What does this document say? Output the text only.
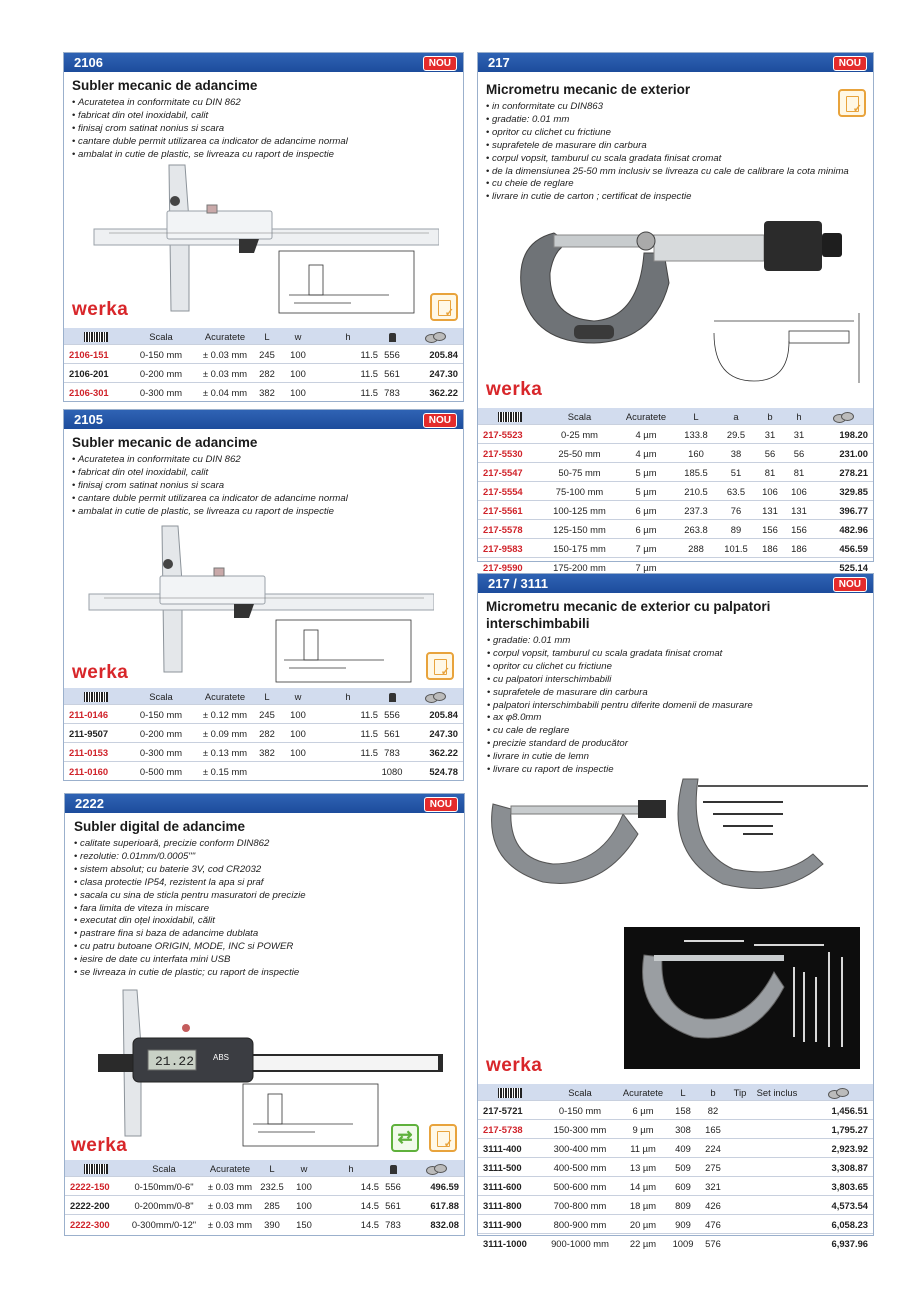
2106	NOU
Subler mecanic de adancime
• Acuratetea in conformitate cu DIN 862
• fabricat din otel inoxidabil, calit
• finisaj crom satinat nonius si scara
• cantare duble permit utilizarea ca indicator de adancime normal
• ambalat in cutie de plastic, se livreaza cu raport de inspectie
werka
✓
	Scala	Acuratete	L	w	h		
2106-151	0-150 mm	± 0.03 mm	245	100	11.5	556	205.84
2106-201	0-200 mm	± 0.03 mm	282	100	11.5	561	247.30
2106-301	0-300 mm	± 0.04 mm	382	100	11.5	783	362.22
2105	NOU
Subler mecanic de adancime
• Acuratetea in conformitate cu DIN 862
• fabricat din otel inoxidabil, calit
• finisaj crom satinat nonius si scara
• cantare duble permit utilizarea ca indicator de adancime normal
• ambalat in cutie de plastic, se livreaza cu raport de inspectie
werka
✓
	Scala	Acuratete	L	w	h		
211-0146	0-150 mm	± 0.12 mm	245	100	11.5	556	205.84
211-9507	0-200 mm	± 0.09 mm	282	100	11.5	561	247.30
211-0153	0-300 mm	± 0.13 mm	382	100	11.5	783	362.22
211-0160	0-500 mm	± 0.15 mm				1080	524.78
2222	NOU
Subler digital de adancime
• calitate superioară, precizie conform DIN862
• rezolutie: 0.01mm/0.0005""
• sistem absolut; cu baterie 3V, cod CR2032
• clasa protectie IP54, rezistent la apa si praf
• sacala cu sina de sticla pentru masuratori de precizie
• fara limita de viteza in miscare
• executat din oțel inoxidabil, călit
• pastrare fina si baza de adancime dublata
• cu patru butoane ORIGIN, MODE, INC si POWER
• iesire de date cu interfata mini USB
• se livreaza in cutie de plastic; cu raport de inspectie
21.22 ABS
werka	⇄
✓
	Scala	Acuratete	L	w	h		
2222-150	0-150mm/0-6"	± 0.03 mm	232.5	100	14.5	556	496.59
2222-200	0-200mm/0-8"	± 0.03 mm	285	100	14.5	561	617.88
2222-300	0-300mm/0-12"	± 0.03 mm	390	150	14.5	783	832.08
217	NOU
Micrometru mecanic de exterior
• in conformitate cu DIN863
• gradatie: 0.01 mm
• opritor cu clichet cu frictiune
• suprafetele de masurare din carbura
• corpul vopsit, tamburul cu scala gradata finisat cromat
• de la dimensiunea 25-50 mm inclusiv se livreaza cu cale de calibrare la cota minima
• cu cheie de reglare
• livrare in cutie de carton ; certificat de inspectie
✓
werka
	Scala	Acuratete	L	a	b	h	
217-5523	0-25 mm	4 µm	133.8	29.5	31	31	198.20
217-5530	25-50 mm	4 µm	160	38	56	56	231.00
217-5547	50-75 mm	5 µm	185.5	51	81	81	278.21
217-5554	75-100 mm	5 µm	210.5	63.5	106	106	329.85
217-5561	100-125 mm	6 µm	237.3	76	131	131	396.77
217-5578	125-150 mm	6 µm	263.8	89	156	156	482.96
217-9583	150-175 mm	7 µm	288	101.5	186	186	456.59
217-9590	175-200 mm	7 µm					525.14
217 / 3111	NOU
Micrometru mecanic de exterior cu palpatori interschimbabili
• gradatie: 0.01 mm
• corpul vopsit, tamburul cu scala gradata finisat cromat
• opritor cu clichet cu frictiune
• cu palpatori interschimbabili
• suprafetele de masurare din carbura
• palpatori interschimbabili pentru diferite domenii de masurare
• ax φ8.0mm
• cu cale de reglare
• precizie standard de producător
• livrare in cutie de lemn
• livrare cu raport de inspectie
werka
	Scala	Acuratete	L	b	Tip	Set inclus	
217-5721	0-150 mm	6 µm	158	82			1,456.51
217-5738	150-300 mm	9 µm	308	165			1,795.27
3111-400	300-400 mm	11 µm	409	224			2,923.92
3111-500	400-500 mm	13 µm	509	275			3,308.87
3111-600	500-600 mm	14 µm	609	321			3,803.65
3111-800	700-800 mm	18 µm	809	426			4,573.54
3111-900	800-900 mm	20 µm	909	476			6,058.23
3111-1000	900-1000 mm	22 µm	1009	576			6,937.96
